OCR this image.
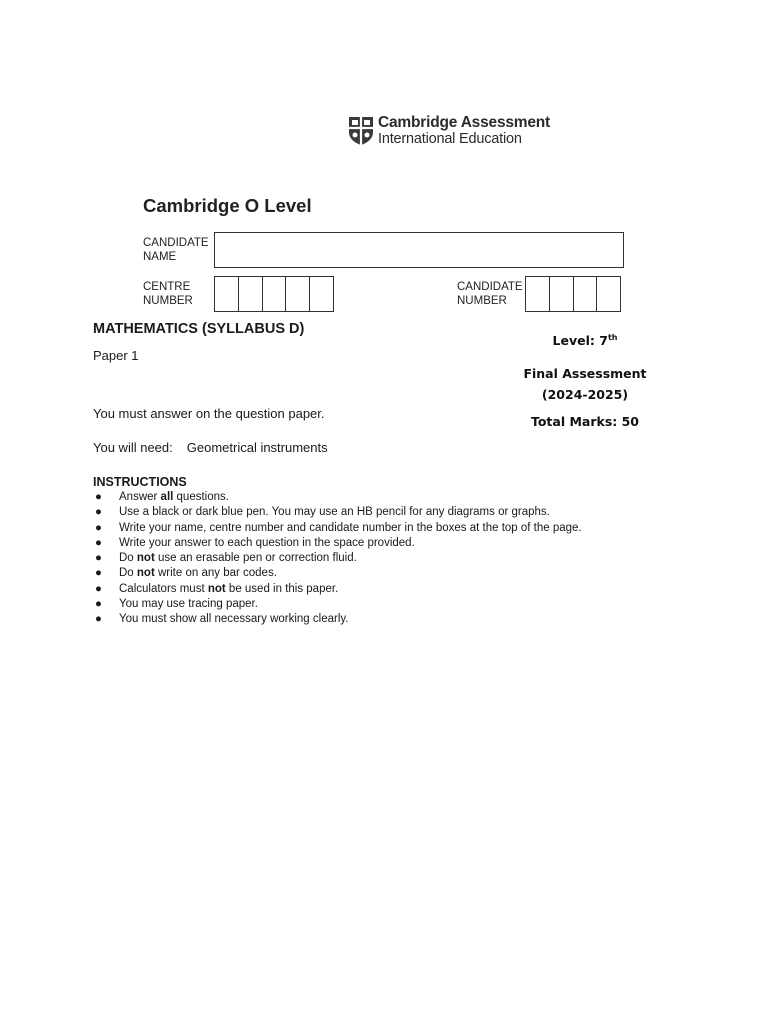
Cambridge Assessment
International Education
Cambridge O Level
CANDIDATE
NAME
CENTRE
NUMBER
CANDIDATE
NUMBER
MATHEMATICS (SYLLABUS D)
Paper 1
Level: 7th
Final Assessment (2024-2025)
Total Marks: 50
You must answer on the question paper.
You will need: Geometrical instruments
INSTRUCTIONS
● Answer all questions.
● Use a black or dark blue pen. You may use an HB pencil for any diagrams or graphs.
● Write your name, centre number and candidate number in the boxes at the top of the page.
● Write your answer to each question in the space provided.
● Do not use an erasable pen or correction fluid.
● Do not write on any bar codes.
● Calculators must not be used in this paper.
● You may use tracing paper.
● You must show all necessary working clearly.
